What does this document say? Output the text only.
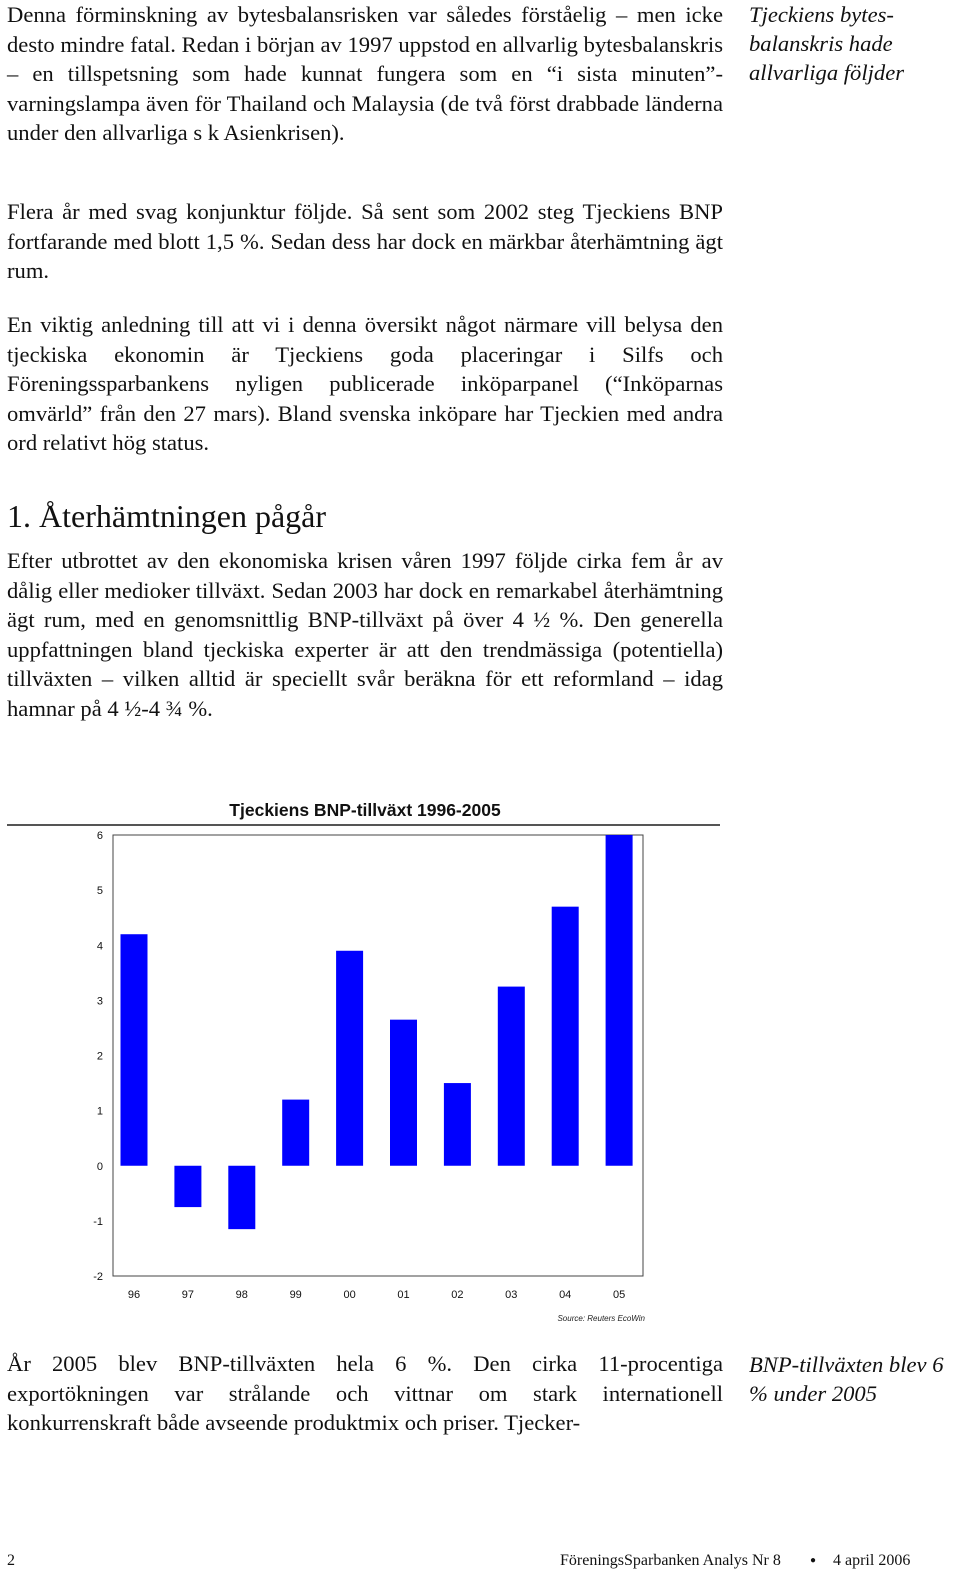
Denna förminskning av bytesbalansrisken var således förståelig – men icke desto mindre fatal. Redan i början av 1997 uppstod en allvarlig bytesbalanskris – en tillspetsning som hade kunnat fungera som en “i sista minuten”-varningslampa även för Thailand och Malaysia (de två först drabbade länderna under den allvarliga s k Asienkrisen).

Tjeckiens bytes-balanskris hade allvarliga följder

Flera år med svag konjunktur följde. Så sent som 2002 steg Tjeckiens BNP fortfarande med blott 1,5 %. Sedan dess har dock en märkbar återhämtning ägt rum.

En viktig anledning till att vi i denna översikt något närmare vill belysa den tjeckiska ekonomin är Tjeckiens goda placeringar i Silfs och Föreningssparbankens nyligen publicerade inköparpanel (“Inköparnas omvärld” från den 27 mars). Bland svenska inköpare har Tjeckien med andra ord relativt hög status.

1. Återhämtningen pågår

Efter utbrottet av den ekonomiska krisen våren 1997 följde cirka fem år av dålig eller medioker tillväxt. Sedan 2003 har dock en remarkabel återhämtning ägt rum, med en genomsnittlig BNP-tillväxt på över 4 ½ %. Den generella uppfattningen bland tjeckiska experter är att den trendmässiga (potentiella) tillväxten – vilken alltid är speciellt svår beräkna för ett reformland – idag hamnar på 4 ½-4 ¾ %.

Tjeckiens BNP-tillväxt 1996-2005
6
5
4
3
2
1
0
-1
-2
96	97	98	99	00	01	02	03	04	05
Source: Reuters EcoWin

År 2005 blev BNP-tillväxten hela 6 %. Den cirka 11-procentiga exportökningen var strålande och vittnar om stark internationell konkurrenskraft både avseende produktmix och priser. Tjecker-

BNP-tillväxten blev 6 % under 2005
2	FöreningsSparbanken Analys Nr 8	● 4 april 2006
